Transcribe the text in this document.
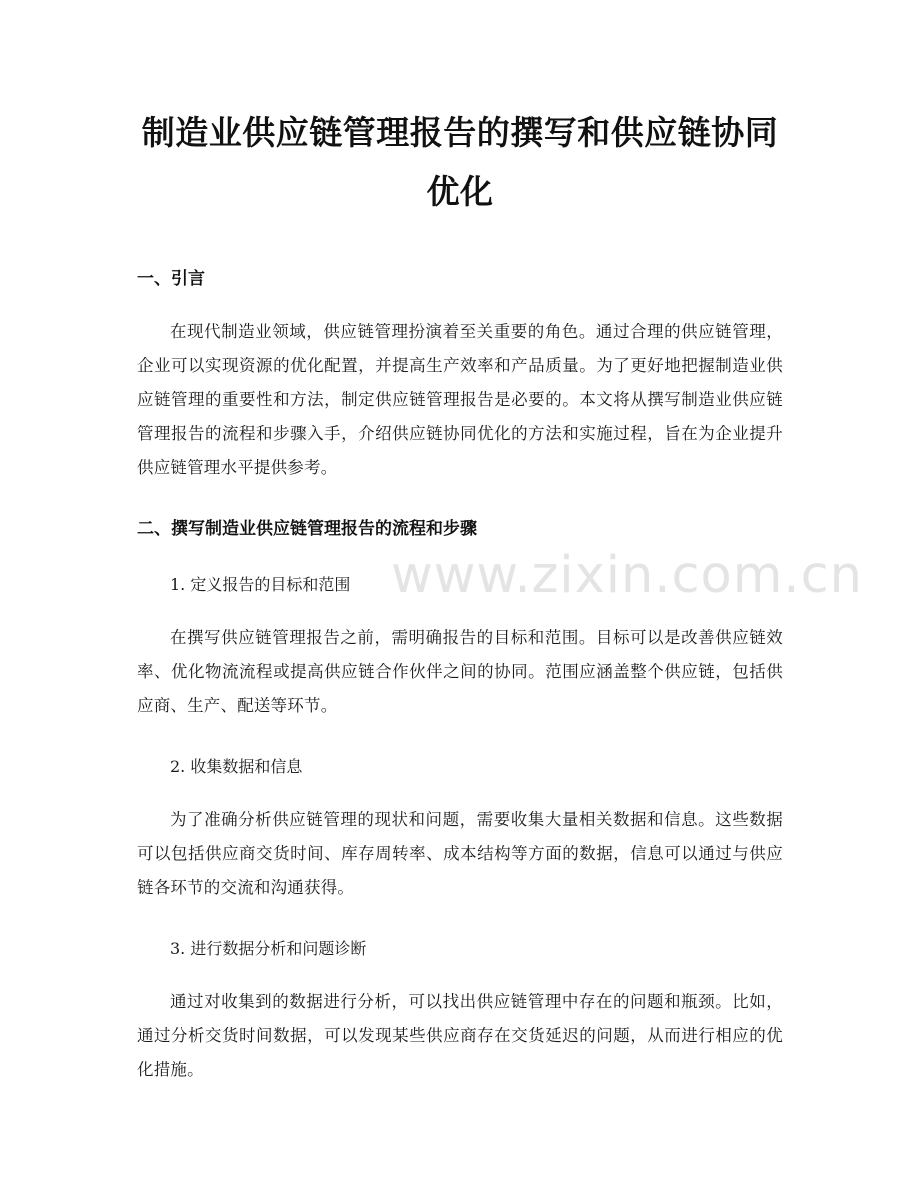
制造业供应链管理报告的撰写和供应链协同优化
一、引言

在现代制造业领域，供应链管理扮演着至关重要的角色。通过合理的供应链管理，企业可以实现资源的优化配置，并提高生产效率和产品质量。为了更好地把握制造业供应链管理的重要性和方法，制定供应链管理报告是必要的。本文将从撰写制造业供应链管理报告的流程和步骤入手，介绍供应链协同优化的方法和实施过程，旨在为企业提升供应链管理水平提供参考。

二、撰写制造业供应链管理报告的流程和步骤
1. 定义报告的目标和范围

在撰写供应链管理报告之前，需明确报告的目标和范围。目标可以是改善供应链效率、优化物流流程或提高供应链合作伙伴之间的协同。范围应涵盖整个供应链，包括供应商、生产、配送等环节。

2. 收集数据和信息

为了准确分析供应链管理的现状和问题，需要收集大量相关数据和信息。这些数据可以包括供应商交货时间、库存周转率、成本结构等方面的数据，信息可以通过与供应链各环节的交流和沟通获得。

3. 进行数据分析和问题诊断

通过对收集到的数据进行分析，可以找出供应链管理中存在的问题和瓶颈。比如，通过分析交货时间数据，可以发现某些供应商存在交货延迟的问题，从而进行相应的优化措施。

www.zixin.com.cn
